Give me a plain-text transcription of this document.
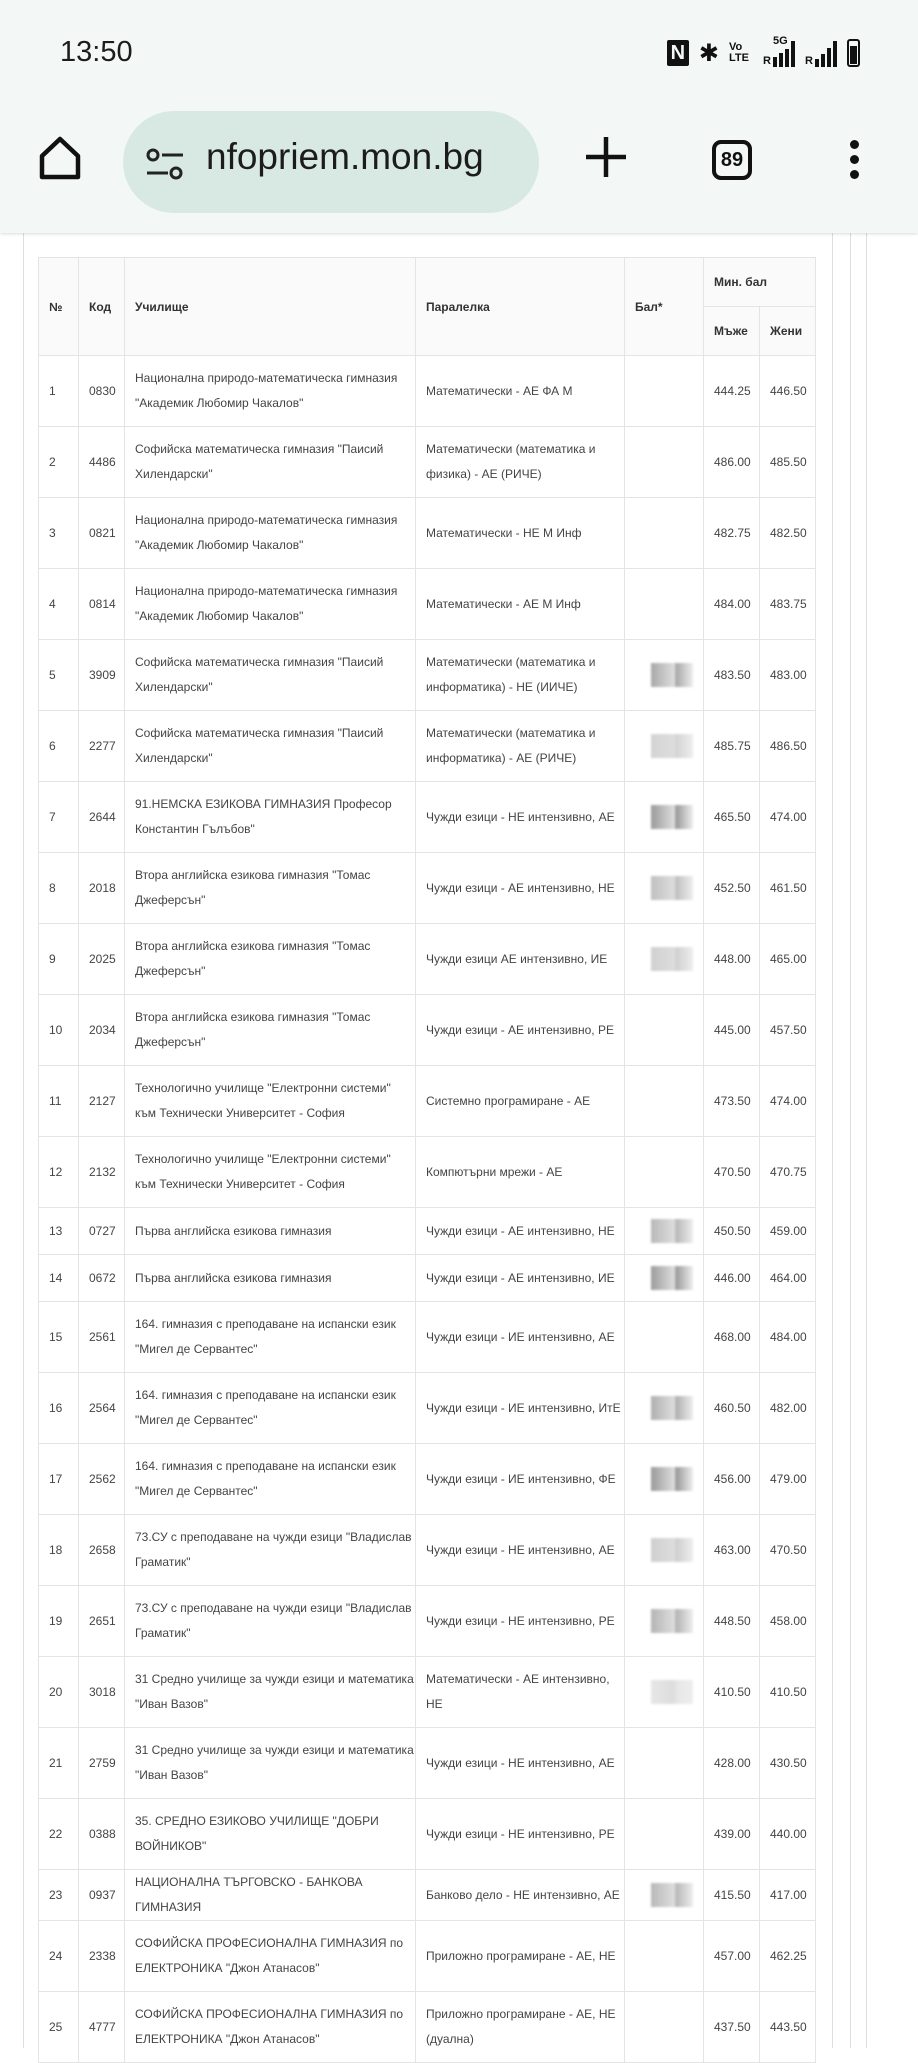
13:50	N ✱ Vo LTE	R
5G
R
nfopriem.mon.bg	89
№	Код	Училище	Паралелка	Бал*	Мин. бал	
					Мъже	Жени
1	0830	Национална природо-математическа гимназия "Академик Любомир Чакалов"	Математически - АЕ ФА М		444.25	446.50
2	4486	Софийска математическа гимназия "Паисий Хилендарски"	Математически (математика и физика) - АЕ (РИЧЕ)		486.00	485.50
3	0821	Национална природо-математическа гимназия "Академик Любомир Чакалов"	Математически - НЕ М Инф		482.75	482.50
4	0814	Национална природо-математическа гимназия "Академик Любомир Чакалов"	Математически - АЕ М Инф		484.00	483.75
5	3909	Софийска математическа гимназия "Паисий Хилендарски"	Математически (математика и информатика) - НЕ (ИИЧЕ)		483.50	483.00
6	2277	Софийска математическа гимназия "Паисий Хилендарски"	Математически (математика и информатика) - АЕ (РИЧЕ)		485.75	486.50
7	2644	91.НЕМСКА ЕЗИКОВА ГИМНАЗИЯ Професор Константин Гълъбов"	Чужди езици - НЕ интензивно, АЕ		465.50	474.00
8	2018	Втора английска езикова гимназия "Томас Джеферсън"	Чужди езици - АЕ интензивно, НЕ		452.50	461.50
9	2025	Втора английска езикова гимназия "Томас Джеферсън"	Чужди езици АЕ интензивно, ИЕ		448.00	465.00
10	2034	Втора английска езикова гимназия "Томас Джеферсън"	Чужди езици - АЕ интензивно, РЕ		445.00	457.50
11	2127	Технологично училище "Електронни системи" към Технически Университет - София	Системно програмиране - АЕ		473.50	474.00
12	2132	Технологично училище "Електронни системи" към Технически Университет - София	Компютърни мрежи - АЕ		470.50	470.75
13	0727	Първа английска езикова гимназия	Чужди езици - АЕ интензивно, НЕ		450.50	459.00
14	0672	Първа английска езикова гимназия	Чужди езици - АЕ интензивно, ИЕ		446.00	464.00
15	2561	164. гимназия с преподаване на испански език "Мигел де Сервантес"	Чужди езици - ИЕ интензивно, АЕ		468.00	484.00
16	2564	164. гимназия с преподаване на испански език "Мигел де Сервантес"	Чужди езици - ИЕ интензивно, ИтЕ		460.50	482.00
17	2562	164. гимназия с преподаване на испански език "Мигел де Сервантес"	Чужди езици - ИЕ интензивно, ФЕ		456.00	479.00
18	2658	73.СУ с преподаване на чужди езици "Владислав Граматик"	Чужди езици - НЕ интензивно, АЕ		463.00	470.50
19	2651	73.СУ с преподаване на чужди езици "Владислав Граматик"	Чужди езици - НЕ интензивно, РЕ		448.50	458.00
20	3018	31 Средно училище за чужди езици и математика "Иван Вазов"	Математически - АЕ интензивно, НЕ		410.50	410.50
21	2759	31 Средно училище за чужди езици и математика "Иван Вазов"	Чужди езици - НЕ интензивно, АЕ		428.00	430.50
22	0388	35. СРЕДНО ЕЗИКОВО УЧИЛИЩЕ "ДОБРИ ВОЙНИКОВ"	Чужди езици - НЕ интензивно, РЕ		439.00	440.00
23	0937	НАЦИОНАЛНА ТЪРГОВСКО - БАНКОВА ГИМНАЗИЯ	Банково дело - НЕ интензивно, АЕ		415.50	417.00
24	2338	СОФИЙСКА ПРОФЕСИОНАЛНА ГИМНАЗИЯ по ЕЛЕКТРОНИКА "Джон Атанасов"	Приложно програмиране - АЕ, НЕ		457.00	462.25
25	4777	СОФИЙСКА ПРОФЕСИОНАЛНА ГИМНАЗИЯ по ЕЛЕКТРОНИКА "Джон Атанасов"	Приложно програмиране - АЕ, НЕ (дуална)		437.50	443.50
